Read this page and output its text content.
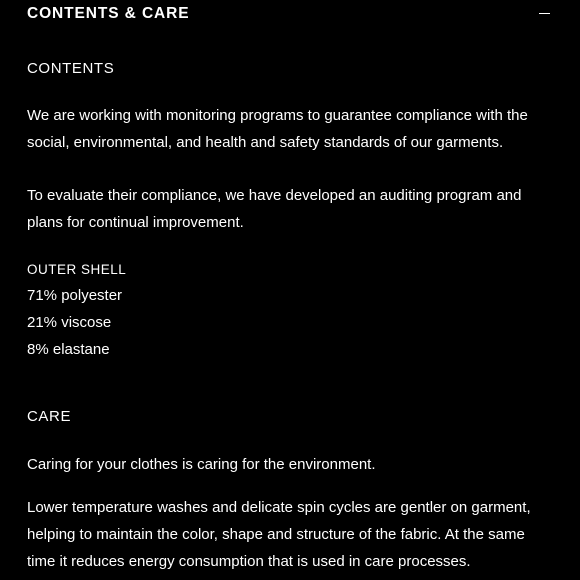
CONTENTS & CARE
CONTENTS
We are working with monitoring programs to guarantee compliance with the
social, environmental, and health and safety standards of our garments.
To evaluate their compliance, we have developed an auditing program and
plans for continual improvement.
OUTER SHELL
71% polyester
21% viscose
8% elastane
CARE
Caring for your clothes is caring for the environment.
Lower temperature washes and delicate spin cycles are gentler on garment,
helping to maintain the color, shape and structure of the fabric. At the same
time it reduces energy consumption that is used in care processes.
